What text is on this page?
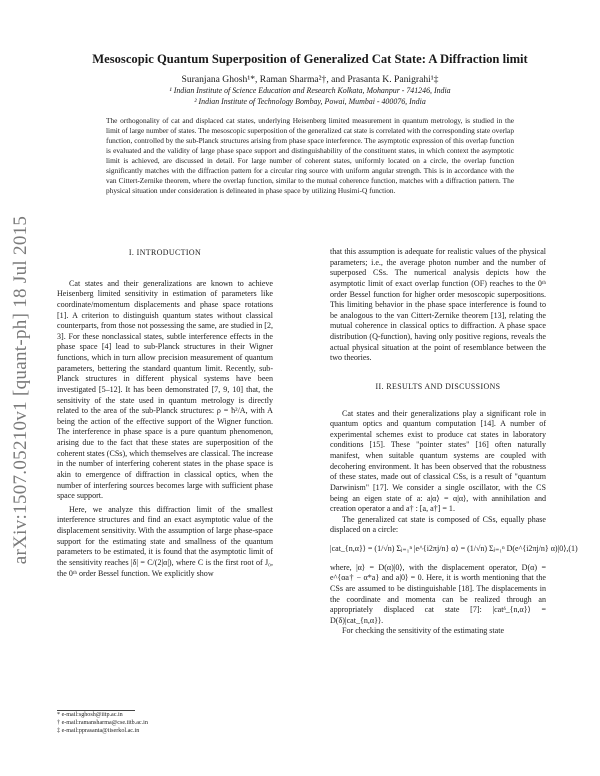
arXiv:1507.05210v1 [quant-ph] 18 Jul 2015
Mesoscopic Quantum Superposition of Generalized Cat State: A Diffraction limit
Suranjana Ghosh¹*, Raman Sharma²†, and Prasanta K. Panigrahi¹‡
¹ Indian Institute of Science Education and Research Kolkata, Mohanpur - 741246, India
² Indian Institute of Technology Bombay, Powai, Mumbai - 400076, India
The orthogonality of cat and displaced cat states, underlying Heisenberg limited measurement in quantum metrology, is studied in the limit of large number of states. The mesoscopic superposition of the generalized cat state is correlated with the corresponding state overlap function, controlled by the sub-Planck structures arising from phase space interference. The asymptotic expression of this overlap function is evaluated and the validity of large phase space support and distinguishability of the constituent states, in which context the asymptotic limit is achieved, are discussed in detail. For large number of coherent states, uniformly located on a circle, the overlap function significantly matches with the diffraction pattern for a circular ring source with uniform angular strength. This is in accordance with the van Cittert-Zernike theorem, where the overlap function, similar to the mutual coherence function, matches with a diffraction pattern. The physical situation under consideration is delineated in phase space by utilizing Husimi-Q function.
I. INTRODUCTION

Cat states and their generalizations are known to achieve Heisenberg limited sensitivity in estimation of parameters like coordinate/momentum displacements and phase space rotations [1]. A criterion to distinguish quantum states without classical counterparts, from those not possessing the same, are studied in [2, 3]. For these nonclassical states, subtle interference effects in the phase space [4] lead to sub-Planck structures in their Wigner functions, which in turn allow precision measurement of quantum parameters, bettering the standard quantum limit. Recently, sub-Planck structures in different physical systems have been investigated [5–12]. It has been demonstrated [7, 9, 10] that, the sensitivity of the state used in quantum metrology is directly related to the area of the sub-Planck structures: ρ = ħ²/A, with A being the action of the effective support of the Wigner function. The interference in phase space is a pure quantum phenomenon, arising due to the fact that these states are superposition of the coherent states (CSs), which themselves are classical. The increase in the number of interfering coherent states in the phase space is akin to emergence of diffraction in classical optics, when the number of interfering sources becomes large with sufficient phase space support.

Here, we analyze this diffraction limit of the smallest interference structures and find an exact asymptotic value of the displacement sensitivity. With the assumption of large phase-space support for the estimating state and smallness of the quantum parameters to be estimated, it is found that the asymptotic limit of the sensitivity reaches |δ| = C/(2|α|), where C is the first root of J₀, the 0ᵗʰ order Bessel function. We explicitly show

that this assumption is adequate for realistic values of the physical parameters; i.e., the average photon number and the number of superposed CSs. The numerical analysis depicts how the asymptotic limit of exact overlap function (OF) reaches to the 0ᵗʰ order Bessel function for higher order mesoscopic superpositions. This limiting behavior in the phase space interference is found to be analogous to the van Cittert-Zernike theorem [13], relating the mutual coherence in classical optics to diffraction. A phase space distribution (Q-function), having only positive regions, reveals the actual physical situation at the point of resemblance between the two theories.

II. RESULTS AND DISCUSSIONS

Cat states and their generalizations play a significant role in quantum optics and quantum computation [14]. A number of experimental schemes exist to produce cat states in laboratory conditions [15]. These "pointer states" [16] often naturally manifest, when suitable quantum systems are coupled with decohering environment. It has been observed that the robustness of these states, made out of classical CSs, is a result of "quantum Darwinism" [17]. We consider a single oscillator, with the CS being an eigen state of a: a|α⟩ = α|α⟩, with annihilation and creation operator a and a† : [a, a†] = 1.

The generalized cat state is composed of CSs, equally phase displaced on a circle:

|cat_{n,α}⟩ = (1/√n) Σⱼ₌₁ⁿ |e^{i2πj/n} α⟩ = (1/√n) Σⱼ₌₁ⁿ D(e^{i2πj/n} α)|0⟩, (1)

where, |α⟩ = D(α)|0⟩, with the displacement operator, D(α) = e^{αa† − α*a} and a|0⟩ = 0. Here, it is worth mentioning that the CSs are assumed to be distinguishable [18]. The displacements in the coordinate and momenta can be realized through an appropriately displaced cat state [7]: |catᵟ_{n,α}⟩ = D(δ)|cat_{n,α}⟩.

For checking the sensitivity of the estimating state

* e-mail:sghosh@iitp.ac.in
† e-mail:ramansharma@cse.iitb.ac.in
‡ e-mail:pprasanta@iiserkol.ac.in
